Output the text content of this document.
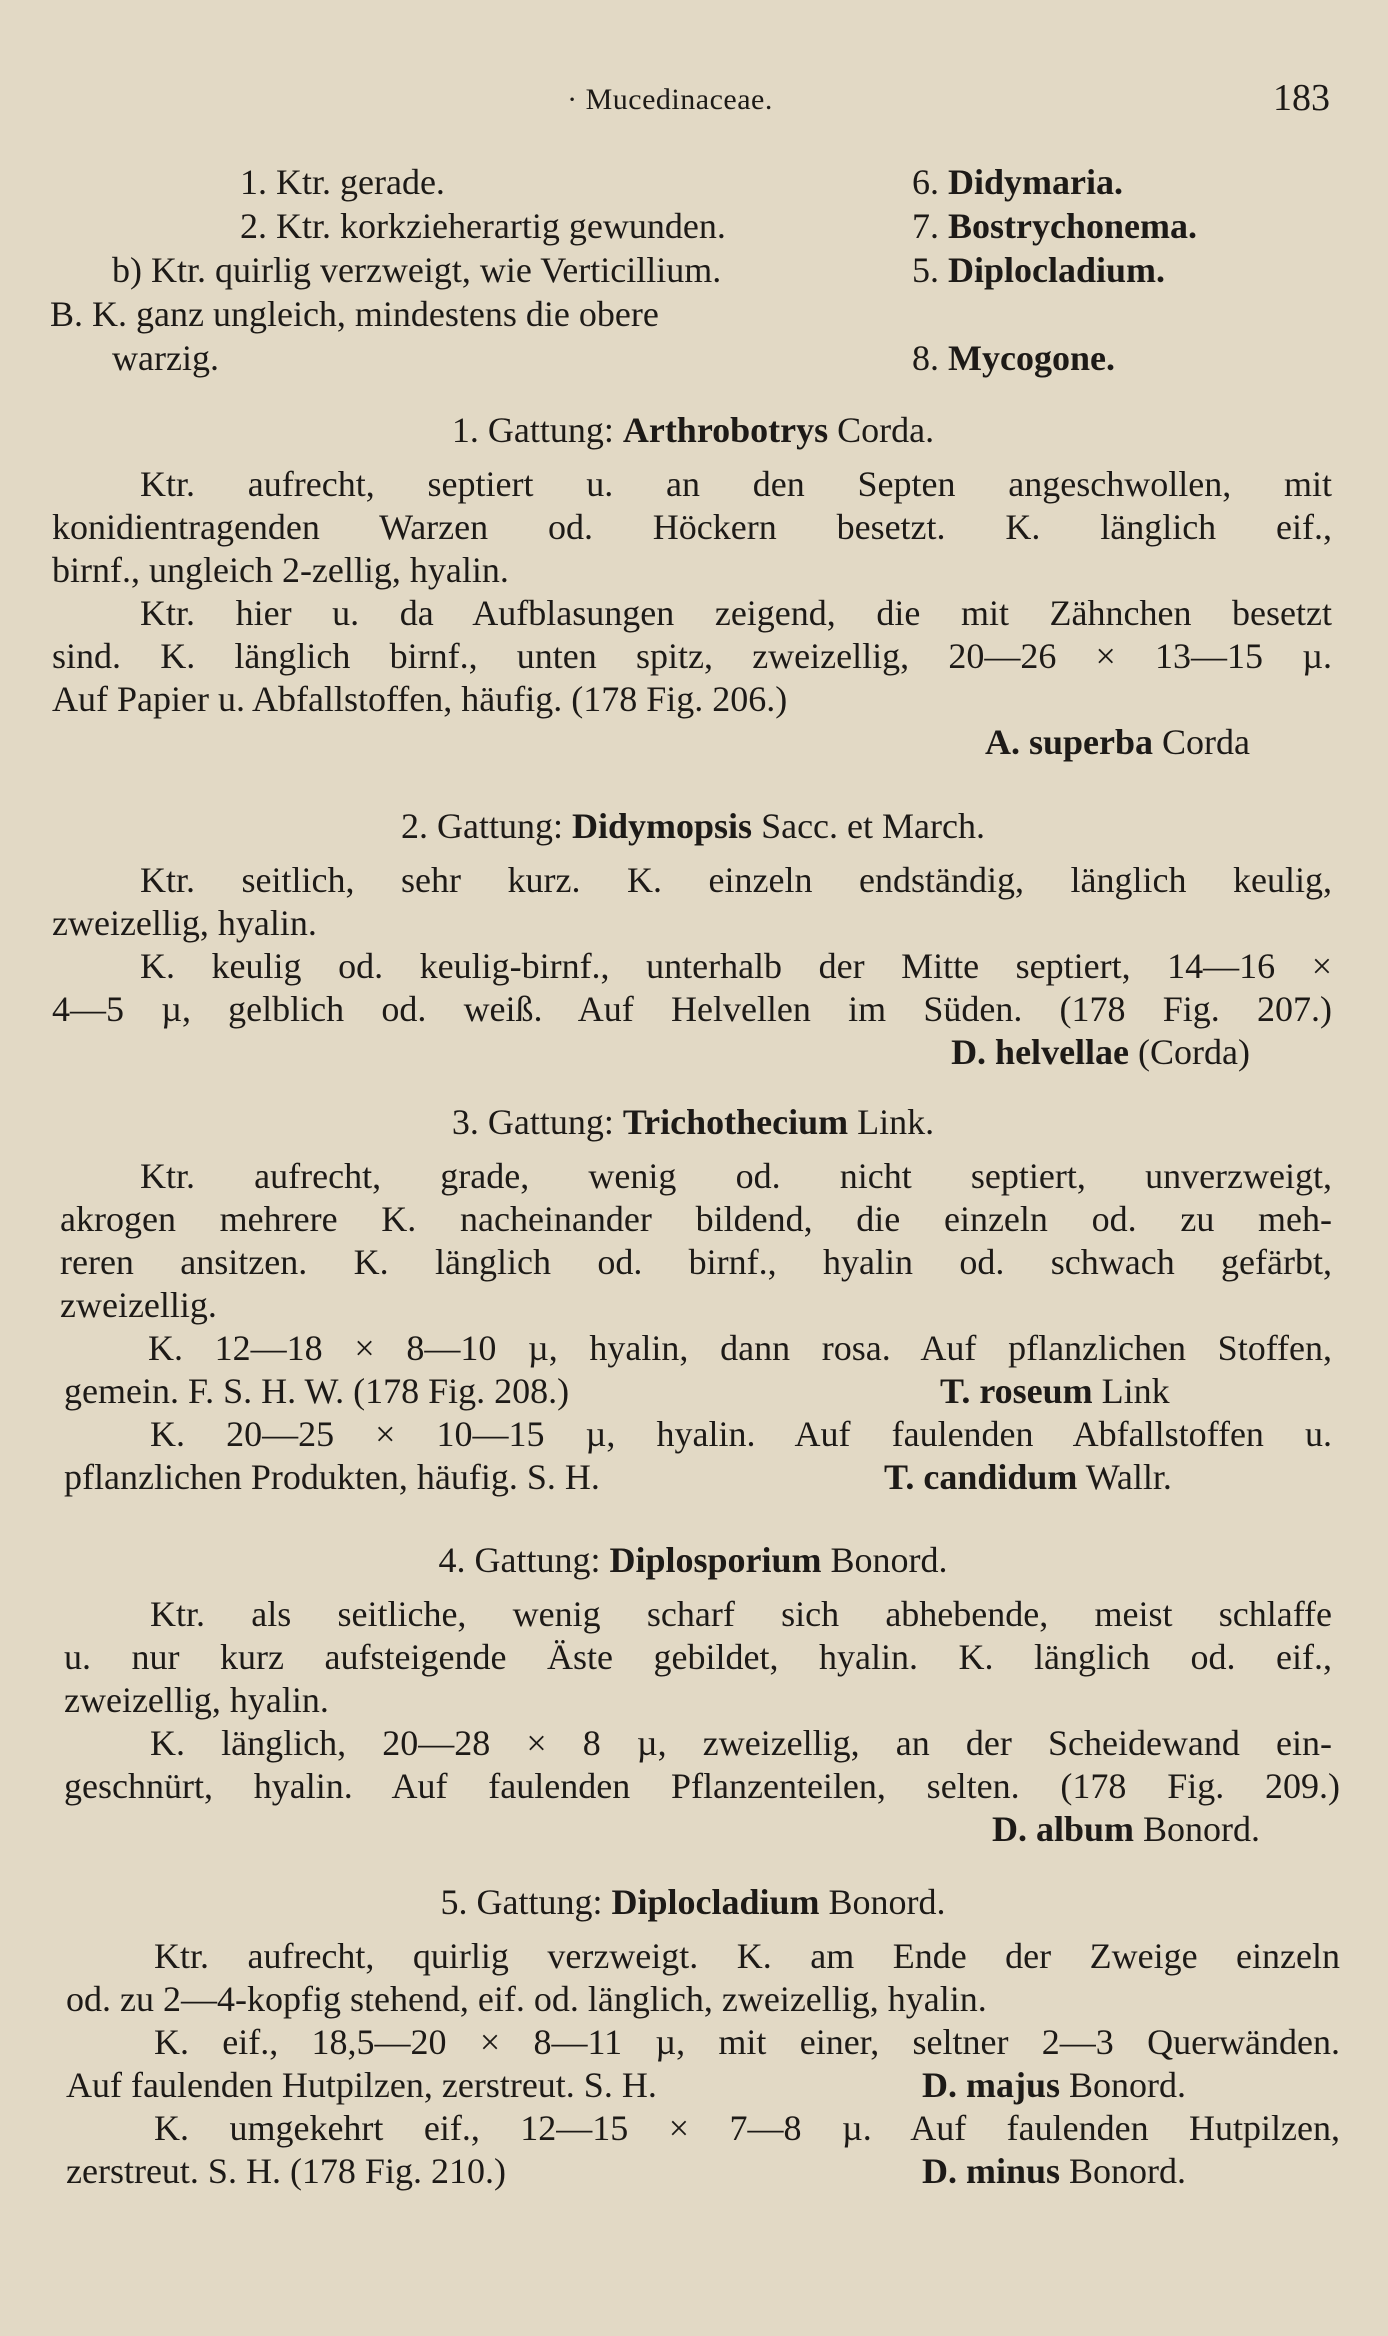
· Mucedinaceae.	183
1. Ktr. gerade.	6. Didymaria.
2. Ktr. korkzieherartig gewunden.	7. Bostrychonema.
b) Ktr. quirlig verzweigt, wie Verticillium.	5. Diplocladium.
B. K. ganz ungleich, mindestens die obere
warzig.	8. Mycogone.
1. Gattung: Arthrobotrys Corda.
Ktr. aufrecht, septiert u. an den Septen angeschwollen, mit
konidientragenden Warzen od. Höckern besetzt. K. länglich eif.,
birnf., ungleich 2-zellig, hyalin.
Ktr. hier u. da Aufblasungen zeigend, die mit Zähnchen besetzt
sind. K. länglich birnf., unten spitz, zweizellig, 20—26 × 13—15 µ.
Auf Papier u. Abfallstoffen, häufig. (178 Fig. 206.)
A. superba Corda
2. Gattung: Didymopsis Sacc. et March.
Ktr. seitlich, sehr kurz. K. einzeln endständig, länglich keulig,
zweizellig, hyalin.
K. keulig od. keulig-birnf., unterhalb der Mitte septiert, 14—16 ×
4—5 µ, gelblich od. weiß. Auf Helvellen im Süden. (178 Fig. 207.)
D. helvellae (Corda)
3. Gattung: Trichothecium Link.
Ktr. aufrecht, grade, wenig od. nicht septiert, unverzweigt,
akrogen mehrere K. nacheinander bildend, die einzeln od. zu meh-
reren ansitzen. K. länglich od. birnf., hyalin od. schwach gefärbt,
zweizellig.
K. 12—18 × 8—10 µ, hyalin, dann rosa. Auf pflanzlichen Stoffen,
gemein. F. S. H. W. (178 Fig. 208.)	T. roseum Link
K. 20—25 × 10—15 µ, hyalin. Auf faulenden Abfallstoffen u.
pflanzlichen Produkten, häufig. S. H.	T. candidum Wallr.
4. Gattung: Diplosporium Bonord.
Ktr. als seitliche, wenig scharf sich abhebende, meist schlaffe
u. nur kurz aufsteigende Äste gebildet, hyalin. K. länglich od. eif.,
zweizellig, hyalin.
K. länglich, 20—28 × 8 µ, zweizellig, an der Scheidewand ein-
geschnürt, hyalin. Auf faulenden Pflanzenteilen, selten. (178 Fig. 209.)
D. album Bonord.
5. Gattung: Diplocladium Bonord.
Ktr. aufrecht, quirlig verzweigt. K. am Ende der Zweige einzeln
od. zu 2—4-kopfig stehend, eif. od. länglich, zweizellig, hyalin.
K. eif., 18,5—20 × 8—11 µ, mit einer, seltner 2—3 Querwänden.
Auf faulenden Hutpilzen, zerstreut. S. H.	D. majus Bonord.
K. umgekehrt eif., 12—15 × 7—8 µ. Auf faulenden Hutpilzen,
zerstreut. S. H. (178 Fig. 210.)	D. minus Bonord.
